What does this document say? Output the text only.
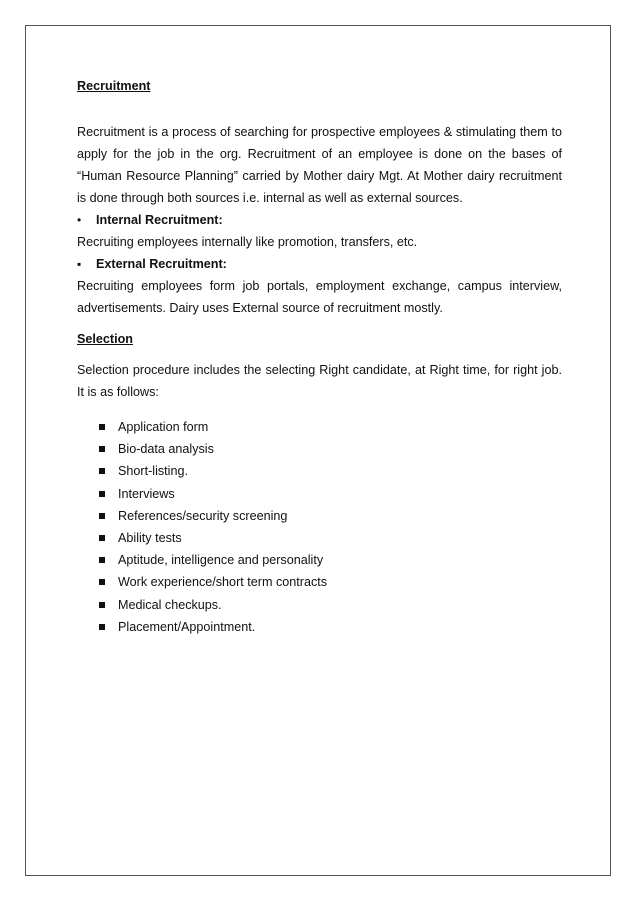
Recruitment

Recruitment is a process of searching for prospective employees & stimulating them to apply for the job in the org. Recruitment of an employee is done on the bases of “Human Resource Planning” carried by Mother dairy Mgt. At Mother dairy recruitment is done through both sources i.e. internal as well as external sources.

•	Internal Recruitment:

Recruiting employees internally like promotion, transfers, etc.

▪	External Recruitment:

Recruiting employees form job portals, employment exchange, campus interview, advertisements. Dairy uses External source of recruitment mostly.

Selection

Selection procedure includes the selecting Right candidate, at Right time, for right job. It is as follows:

Application form
Bio-data analysis
Short-listing.
Interviews
References/security screening
Ability tests
Aptitude, intelligence and personality
Work experience/short term contracts
Medical checkups.
Placement/Appointment.
